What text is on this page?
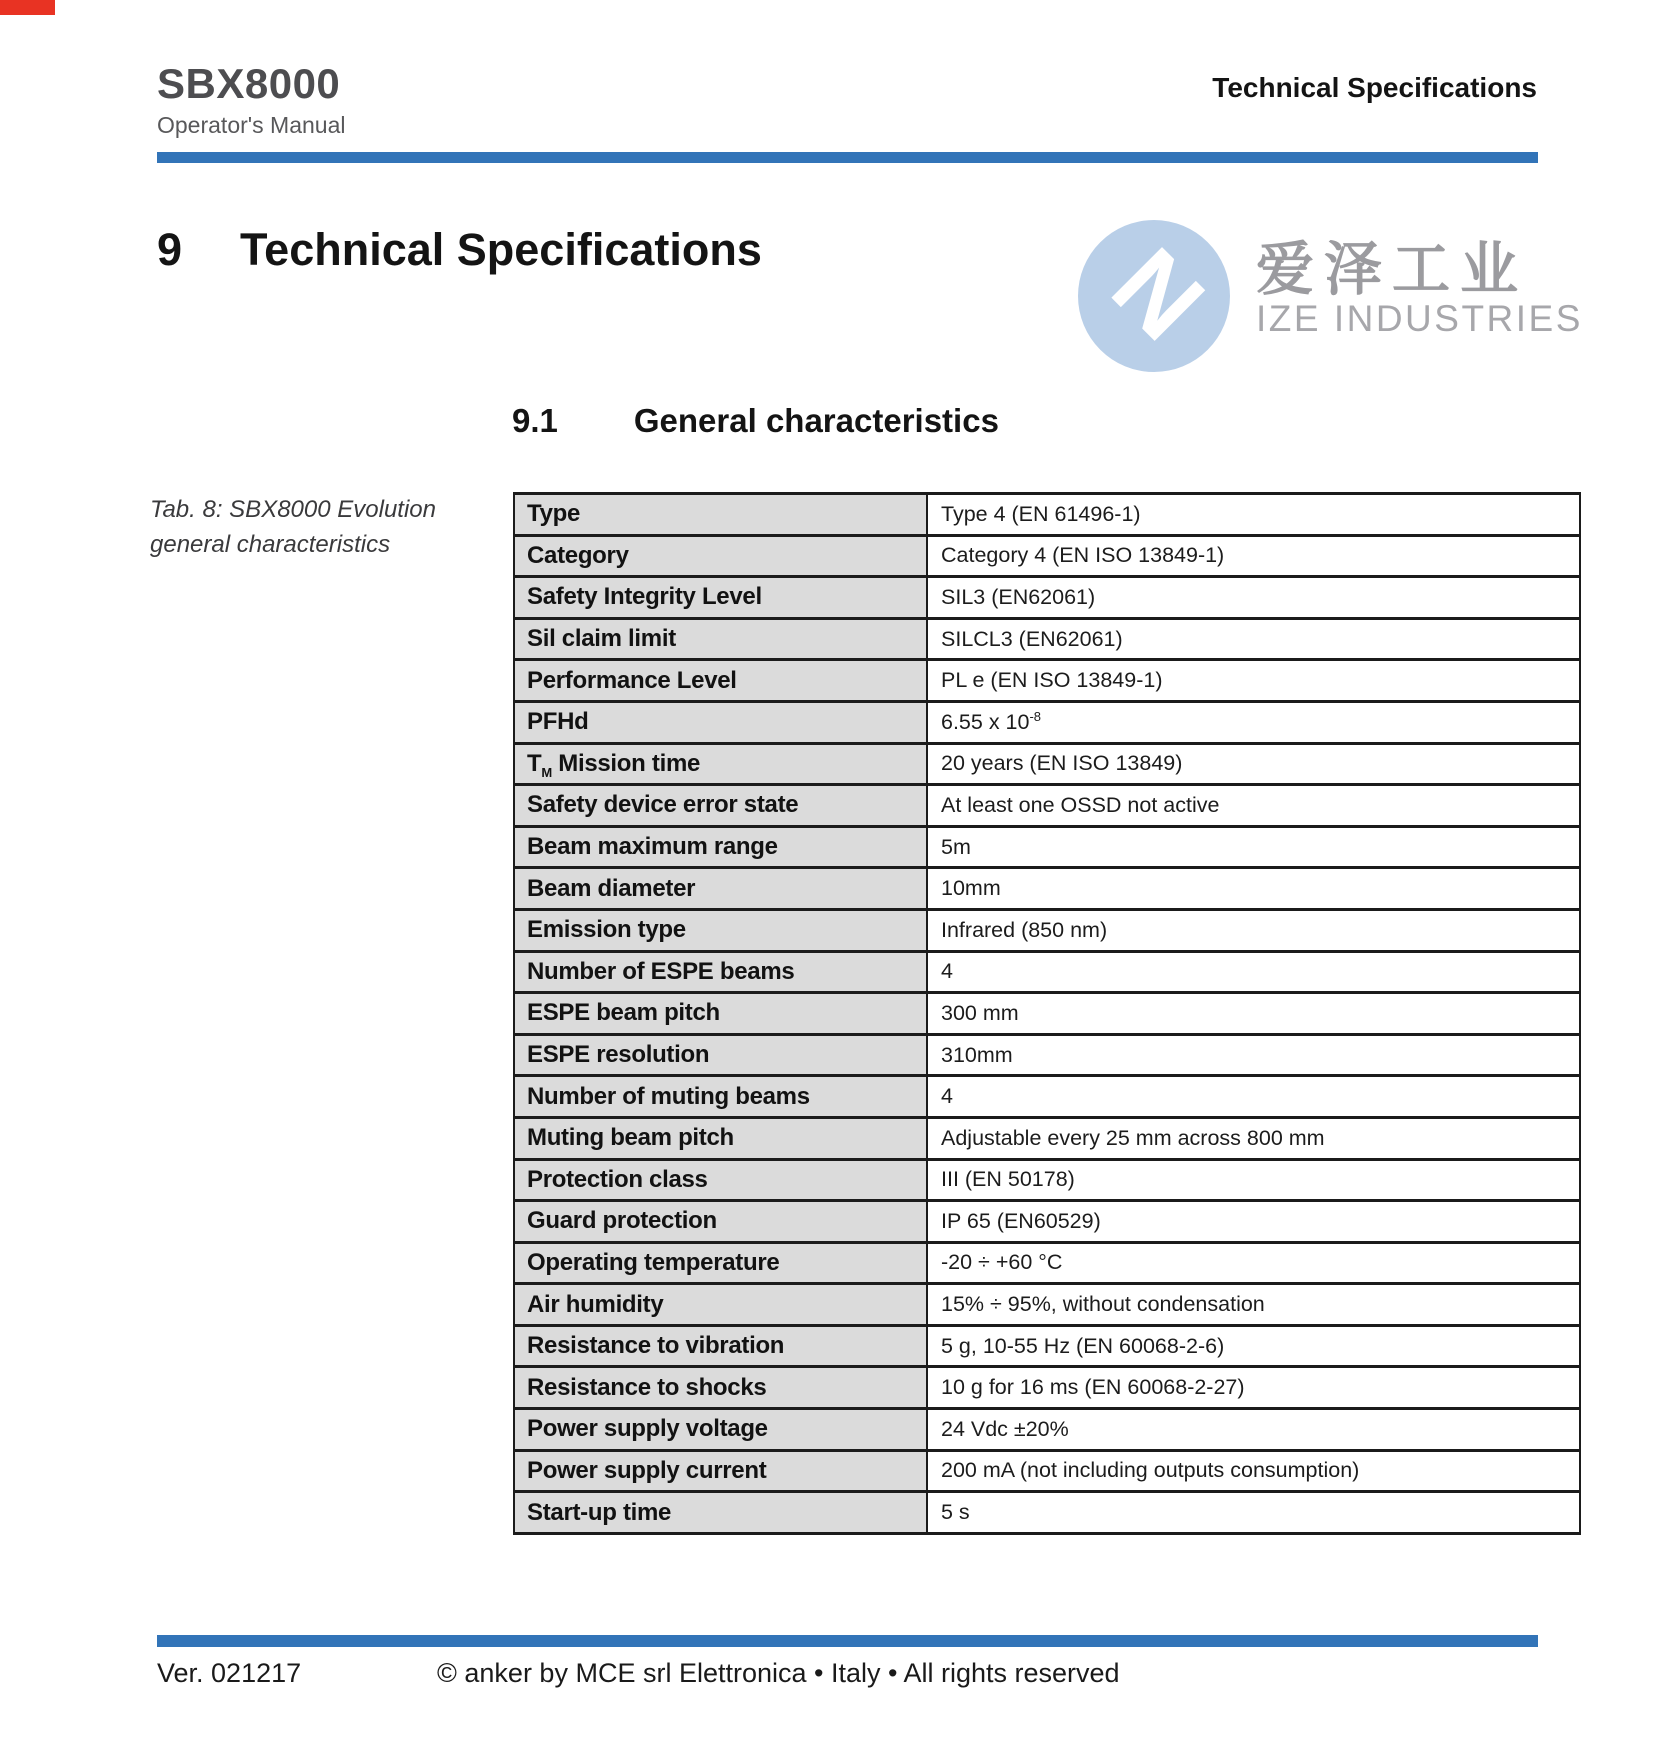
SBX8000
Operator's Manual
Technical Specifications
9 Technical Specifications	N 爱泽工业
IZE INDUSTRIES
9.1 General characteristics
Tab. 8: SBX8000 Evolution
general characteristics
Type	Type 4 (EN 61496-1)
Category	Category 4 (EN ISO 13849-1)
Safety Integrity Level	SIL3 (EN62061)
Sil claim limit	SILCL3 (EN62061)
Performance Level	PL e (EN ISO 13849-1)
PFHd	6.55 x $10^{-8}$
$T_M$ Mission time	20 years (EN ISO 13849)
Safety device error state	At least one OSSD not active
Beam maximum range	5m
Beam diameter	10mm
Emission type	Infrared (850 nm)
Number of ESPE beams	4
ESPE beam pitch	300 mm
ESPE resolution	310mm
Number of muting beams	4
Muting beam pitch	Adjustable every 25 mm across 800 mm
Protection class	III (EN 50178)
Guard protection	IP 65 (EN60529)
Operating temperature	-20 ÷ +60 °C
Air humidity	15% ÷ 95%, without condensation
Resistance to vibration	5 g, 10-55 Hz (EN 60068-2-6)
Resistance to shocks	10 g for 16 ms (EN 60068-2-27)
Power supply voltage	24 Vdc ±20%
Power supply current	200 mA (not including outputs consumption)
Start-up time	5 s
Ver. 021217	© anker by MCE srl Elettronica • Italy • All rights reserved
